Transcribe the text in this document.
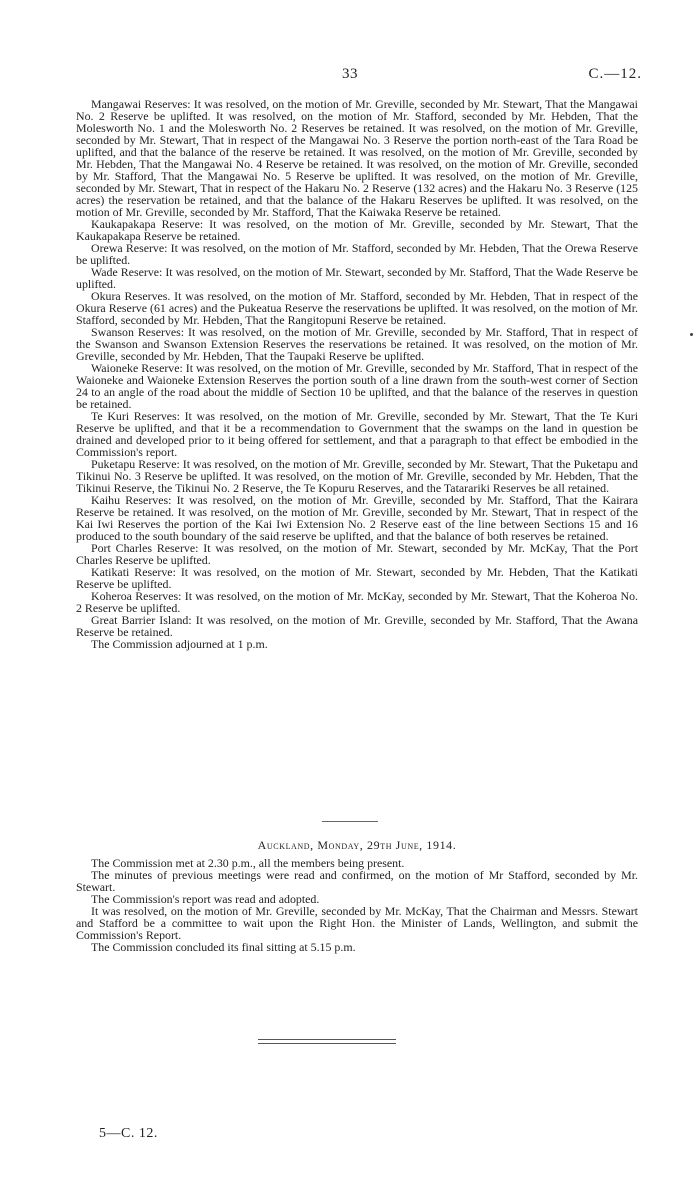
33	C.—12.

Mangawai Reserves: It was resolved, on the motion of Mr. Greville, seconded by Mr. Stewart, That the Mangawai No. 2 Reserve be uplifted. It was resolved, on the motion of Mr. Stafford, seconded by Mr. Hebden, That the Molesworth No. 1 and the Molesworth No. 2 Reserves be retained. It was resolved, on the motion of Mr. Greville, seconded by Mr. Stewart, That in respect of the Mangawai No. 3 Reserve the portion north-east of the Tara Road be uplifted, and that the balance of the reserve be retained. It was resolved, on the motion of Mr. Greville, seconded by Mr. Hebden, That the Mangawai No. 4 Reserve be retained. It was resolved, on the motion of Mr. Greville, seconded by Mr. Stafford, That the Mangawai No. 5 Reserve be uplifted. It was resolved, on the motion of Mr. Greville, seconded by Mr. Stewart, That in respect of the Hakaru No. 2 Reserve (132 acres) and the Hakaru No. 3 Reserve (125 acres) the reservation be retained, and that the balance of the Hakaru Reserves be uplifted. It was resolved, on the motion of Mr. Greville, seconded by Mr. Stafford, That the Kaiwaka Reserve be retained.

Kaukapakapa Reserve: It was resolved, on the motion of Mr. Greville, seconded by Mr. Stewart, That the Kaukapakapa Reserve be retained.

Orewa Reserve: It was resolved, on the motion of Mr. Stafford, seconded by Mr. Hebden, That the Orewa Reserve be uplifted.

Wade Reserve: It was resolved, on the motion of Mr. Stewart, seconded by Mr. Stafford, That the Wade Reserve be uplifted.

Okura Reserves. It was resolved, on the motion of Mr. Stafford, seconded by Mr. Hebden, That in respect of the Okura Reserve (61 acres) and the Pukeatua Reserve the reservations be uplifted. It was resolved, on the motion of Mr. Stafford, seconded by Mr. Hebden, That the Rangitopuni Reserve be retained.

Swanson Reserves: It was resolved, on the motion of Mr. Greville, seconded by Mr. Stafford, That in respect of the Swanson and Swanson Extension Reserves the reservations be retained. It was resolved, on the motion of Mr. Greville, seconded by Mr. Hebden, That the Taupaki Reserve be uplifted.

Waioneke Reserve: It was resolved, on the motion of Mr. Greville, seconded by Mr. Stafford, That in respect of the Waioneke and Waioneke Extension Reserves the portion south of a line drawn from the south-west corner of Section 24 to an angle of the road about the middle of Section 10 be uplifted, and that the balance of the reserves in question be retained.

Te Kuri Reserves: It was resolved, on the motion of Mr. Greville, seconded by Mr. Stewart, That the Te Kuri Reserve be uplifted, and that it be a recommendation to Government that the swamps on the land in question be drained and developed prior to it being offered for settlement, and that a paragraph to that effect be embodied in the Commission's report.

Puketapu Reserve: It was resolved, on the motion of Mr. Greville, seconded by Mr. Stewart, That the Puketapu and Tikinui No. 3 Reserve be uplifted. It was resolved, on the motion of Mr. Greville, seconded by Mr. Hebden, That the Tikinui Reserve, the Tikinui No. 2 Reserve, the Te Kopuru Reserves, and the Tatarariki Reserves be all retained.

Kaihu Reserves: It was resolved, on the motion of Mr. Greville, seconded by Mr. Stafford, That the Kairara Reserve be retained. It was resolved, on the motion of Mr. Greville, seconded by Mr. Stewart, That in respect of the Kai Iwi Reserves the portion of the Kai Iwi Extension No. 2 Reserve east of the line between Sections 15 and 16 produced to the south boundary of the said reserve be uplifted, and that the balance of both reserves be retained.

Port Charles Reserve: It was resolved, on the motion of Mr. Stewart, seconded by Mr. McKay, That the Port Charles Reserve be uplifted.

Katikati Reserve: It was resolved, on the motion of Mr. Stewart, seconded by Mr. Hebden, That the Katikati Reserve be uplifted.

Koheroa Reserves: It was resolved, on the motion of Mr. McKay, seconded by Mr. Stewart, That the Koheroa No. 2 Reserve be uplifted.

Great Barrier Island: It was resolved, on the motion of Mr. Greville, seconded by Mr. Stafford, That the Awana Reserve be retained.

The Commission adjourned at 1 p.m.

Auckland, Monday, 29th June, 1914.

The Commission met at 2.30 p.m., all the members being present.

The minutes of previous meetings were read and confirmed, on the motion of Mr Stafford, seconded by Mr. Stewart.

The Commission's report was read and adopted.

It was resolved, on the motion of Mr. Greville, seconded by Mr. McKay, That the Chairman and Messrs. Stewart and Stafford be a committee to wait upon the Right Hon. the Minister of Lands, Wellington, and submit the Commission's Report.

The Commission concluded its final sitting at 5.15 p.m.

5—C. 12.
